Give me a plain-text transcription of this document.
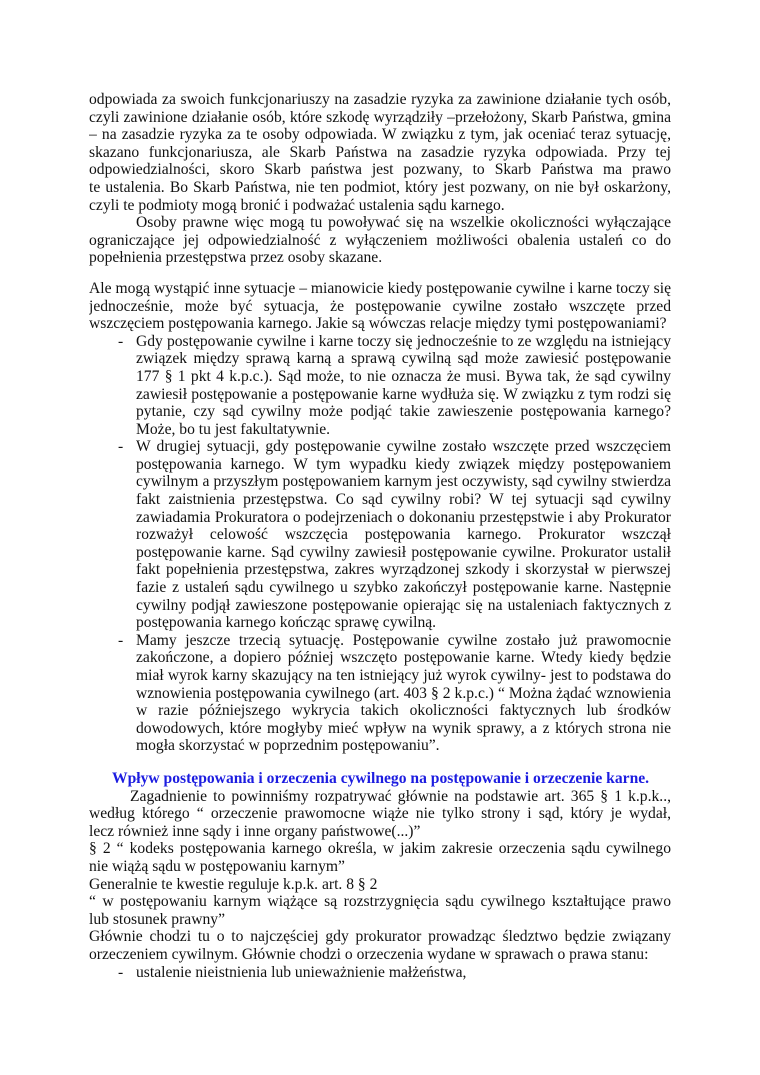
odpowiada za swoich funkcjonariuszy na zasadzie ryzyka za zawinione działanie tych osób,
czyli zawinione działanie osób, które szkodę wyrządziły –przełożony, Skarb Państwa, gmina
– na zasadzie ryzyka za te osoby odpowiada. W związku z tym, jak oceniać teraz sytuację,
skazano funkcjonariusza, ale Skarb Państwa na zasadzie ryzyka odpowiada. Przy tej
odpowiedzialności, skoro Skarb państwa jest pozwany, to Skarb Państwa ma prawo
te ustalenia. Bo Skarb Państwa, nie ten podmiot, który jest pozwany, on nie był oskarżony,
czyli te podmioty mogą bronić i podważać ustalenia sądu karnego.
Osoby prawne więc mogą tu powoływać się na wszelkie okoliczności wyłączające
ograniczające jej odpowiedzialność z wyłączeniem możliwości obalenia ustaleń co do
popełnienia przestępstwa przez osoby skazane.
Ale mogą wystąpić inne sytuacje – mianowicie kiedy postępowanie cywilne i karne toczy się
jednocześnie, może być sytuacja, że postępowanie cywilne zostało wszczęte przed
wszczęciem postępowania karnego. Jakie są wówczas relacje między tymi postępowaniami?
- Gdy postępowanie cywilne i karne toczy się jednocześnie to ze względu na istniejący
związek między sprawą karną a sprawą cywilną sąd może zawiesić postępowanie
177 § 1 pkt 4 k.p.c.). Sąd może, to nie oznacza że musi. Bywa tak, że sąd cywilny
zawiesił postępowanie a postępowanie karne wydłuża się. W związku z tym rodzi się
pytanie, czy sąd cywilny może podjąć takie zawieszenie postępowania karnego?
Może, bo tu jest fakultatywnie.
- W drugiej sytuacji, gdy postępowanie cywilne zostało wszczęte przed wszczęciem
postępowania karnego. W tym wypadku kiedy związek między postępowaniem
cywilnym a przyszłym postępowaniem karnym jest oczywisty, sąd cywilny stwierdza
fakt zaistnienia przestępstwa. Co sąd cywilny robi? W tej sytuacji sąd cywilny
zawiadamia Prokuratora o podejrzeniach o dokonaniu przestępstwie i aby Prokurator
rozważył celowość wszczęcia postępowania karnego. Prokurator wszczął
postępowanie karne. Sąd cywilny zawiesił postępowanie cywilne. Prokurator ustalił
fakt popełnienia przestępstwa, zakres wyrządzonej szkody i skorzystał w pierwszej
fazie z ustaleń sądu cywilnego u szybko zakończył postępowanie karne. Następnie
cywilny podjął zawieszone postępowanie opierając się na ustaleniach faktycznych z
postępowania karnego kończąc sprawę cywilną.
- Mamy jeszcze trzecią sytuację. Postępowanie cywilne zostało już prawomocnie
zakończone, a dopiero później wszczęto postępowanie karne. Wtedy kiedy będzie
miał wyrok karny skazujący na ten istniejący już wyrok cywilny- jest to podstawa do
wznowienia postępowania cywilnego (art. 403 § 2 k.p.c.) “ Można żądać wznowienia
w razie późniejszego wykrycia takich okoliczności faktycznych lub środków
dowodowych, które mogłyby mieć wpływ na wynik sprawy, a z których strona nie
mogła skorzystać w poprzednim postępowaniu”.
Wpływ postępowania i orzeczenia cywilnego na postępowanie i orzeczenie karne.
Zagadnienie to powinniśmy rozpatrywać głównie na podstawie art. 365 § 1 k.p.k..,
według którego “ orzeczenie prawomocne wiąże nie tylko strony i sąd, który je wydał,
lecz również inne sądy i inne organy państwowe(...)”
§ 2 “ kodeks postępowania karnego określa, w jakim zakresie orzeczenia sądu cywilnego
nie wiążą sądu w postępowaniu karnym”
Generalnie te kwestie reguluje k.p.k. art. 8 § 2
“ w postępowaniu karnym wiążące są rozstrzygnięcia sądu cywilnego kształtujące prawo
lub stosunek prawny”
Głównie chodzi tu o to najczęściej gdy prokurator prowadząc śledztwo będzie związany
orzeczeniem cywilnym. Głównie chodzi o orzeczenia wydane w sprawach o prawa stanu:
- ustalenie nieistnienia lub unieważnienie małżeństwa,
